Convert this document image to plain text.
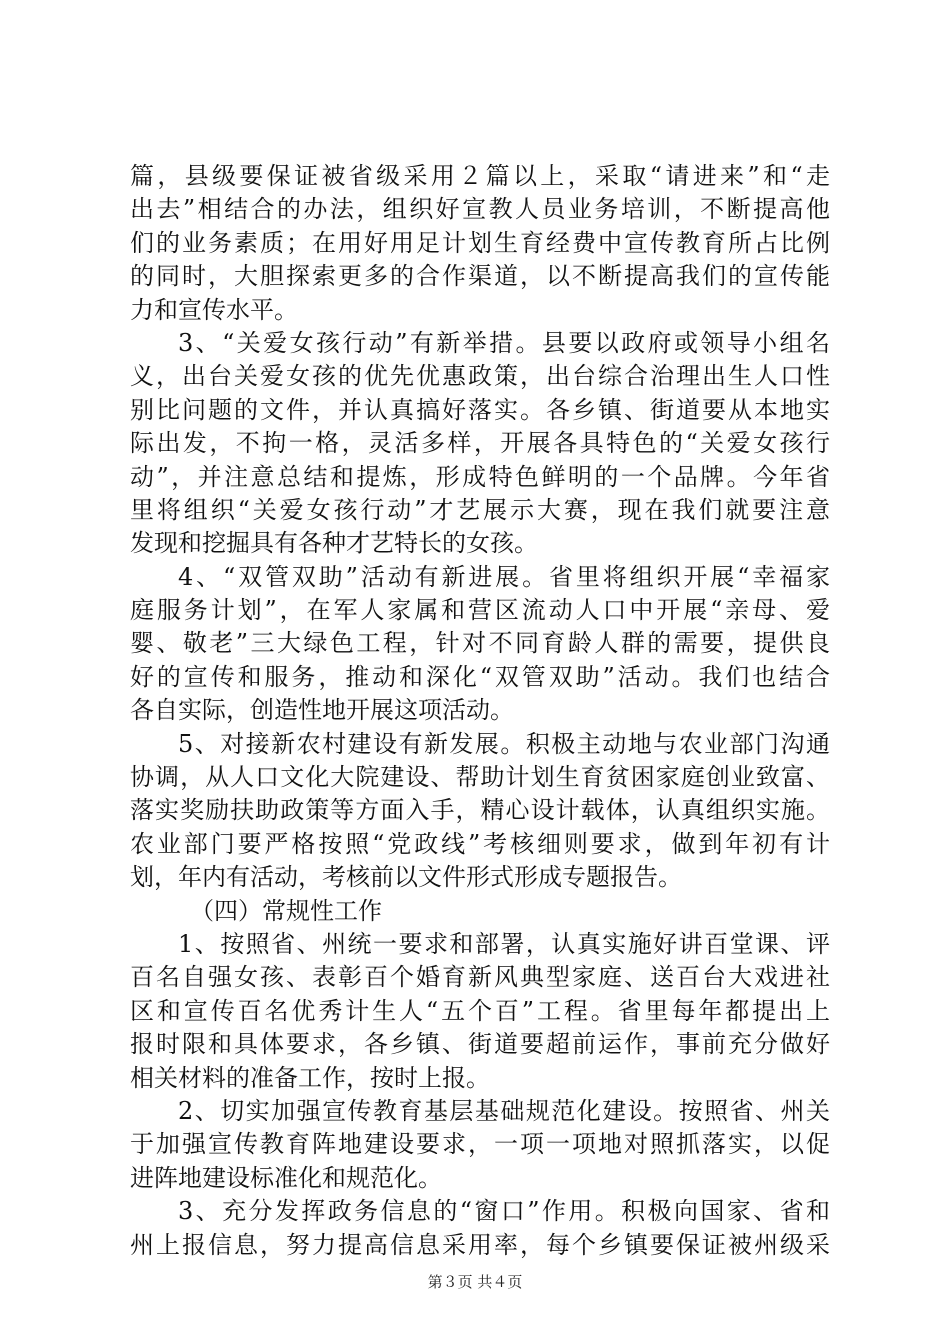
篇，县级要保证被省级采用２篇以上，采取“请进来”和“走
出去”相结合的办法，组织好宣教人员业务培训，不断提高他
们的业务素质；在用好用足计划生育经费中宣传教育所占比例
的同时，大胆探索更多的合作渠道，以不断提高我们的宣传能
力和宣传水平。
3、“关爱女孩行动”有新举措。县要以政府或领导小组名
义，出台关爱女孩的优先优惠政策，出台综合治理出生人口性
别比问题的文件，并认真搞好落实。各乡镇、街道要从本地实
际出发，不拘一格，灵活多样，开展各具特色的“关爱女孩行
动”，并注意总结和提炼，形成特色鲜明的一个品牌。今年省
里将组织“关爱女孩行动”才艺展示大赛，现在我们就要注意
发现和挖掘具有各种才艺特长的女孩。
4、“双管双助”活动有新进展。省里将组织开展“幸福家
庭服务计划”，在军人家属和营区流动人口中开展“亲母、爱
婴、敬老”三大绿色工程，针对不同育龄人群的需要，提供良
好的宣传和服务，推动和深化“双管双助”活动。我们也结合
各自实际，创造性地开展这项活动。
5、对接新农村建设有新发展。积极主动地与农业部门沟通
协调，从人口文化大院建设、帮助计划生育贫困家庭创业致富、
落实奖励扶助政策等方面入手，精心设计载体，认真组织实施。
农业部门要严格按照“党政线”考核细则要求，做到年初有计
划，年内有活动，考核前以文件形式形成专题报告。
（四）常规性工作
1、按照省、州统一要求和部署，认真实施好讲百堂课、评
百名自强女孩、表彰百个婚育新风典型家庭、送百台大戏进社
区和宣传百名优秀计生人“五个百”工程。省里每年都提出上
报时限和具体要求，各乡镇、街道要超前运作，事前充分做好
相关材料的准备工作，按时上报。
2、切实加强宣传教育基层基础规范化建设。按照省、州关
于加强宣传教育阵地建设要求，一项一项地对照抓落实，以促
进阵地建设标准化和规范化。
3、充分发挥政务信息的“窗口”作用。积极向国家、省和
州上报信息，努力提高信息采用率，每个乡镇要保证被州级采
第３页 共４页
